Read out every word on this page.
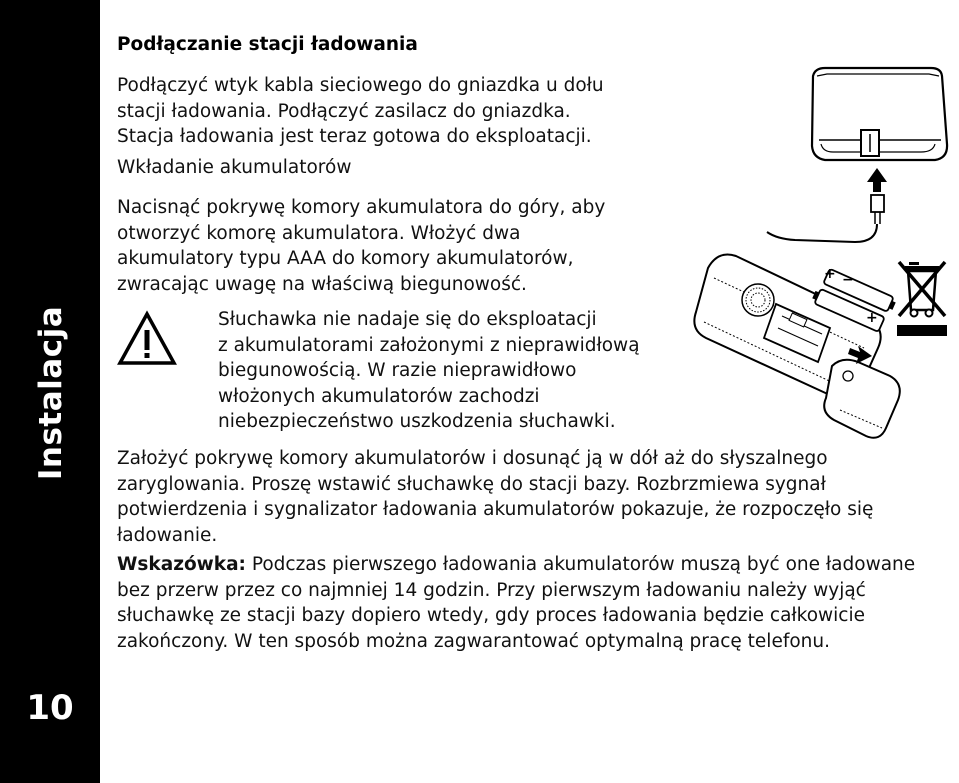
Instalacja
10
Podłączanie stacji ładowania

Podłączyć wtyk kabla sieciowego do gniazdka u dołu

stacji ładowania. Podłączyć zasilacz do gniazdka.

Stacja ładowania jest teraz gotowa do eksploatacji.

Wkładanie akumulatorów

Nacisnąć pokrywę komory akumulatora do góry, aby

otworzyć komorę akumulatora. Włożyć dwa

akumulatory typu AAA do komory akumulatorów,

zwracając uwagę na właściwą biegunowość.

Słuchawka nie nadaje się do eksploatacji

z akumulatorami założonymi z nieprawidłową

biegunowością. W razie nieprawidłowo

włożonych akumulatorów zachodzi

niebezpieczeństwo uszkodzenia słuchawki.

Założyć pokrywę komory akumulatorów i dosunąć ją w dół aż do słyszalnego

zaryglowania. Proszę wstawić słuchawkę do stacji bazy. Rozbrzmiewa sygnał

potwierdzenia i sygnalizator ładowania akumulatorów pokazuje, że rozpoczęło się

ładowanie.

Wskazówka: Podczas pierwszego ładowania akumulatorów muszą być one ładowane

bez przerw przez co najmniej 14 godzin. Przy pierwszym ładowaniu należy wyjąć

słuchawkę ze stacji bazy dopiero wtedy, gdy proces ładowania będzie całkowicie

zakończony. W ten sposób można zagwarantować optymalną pracę telefonu.

+ −
+
